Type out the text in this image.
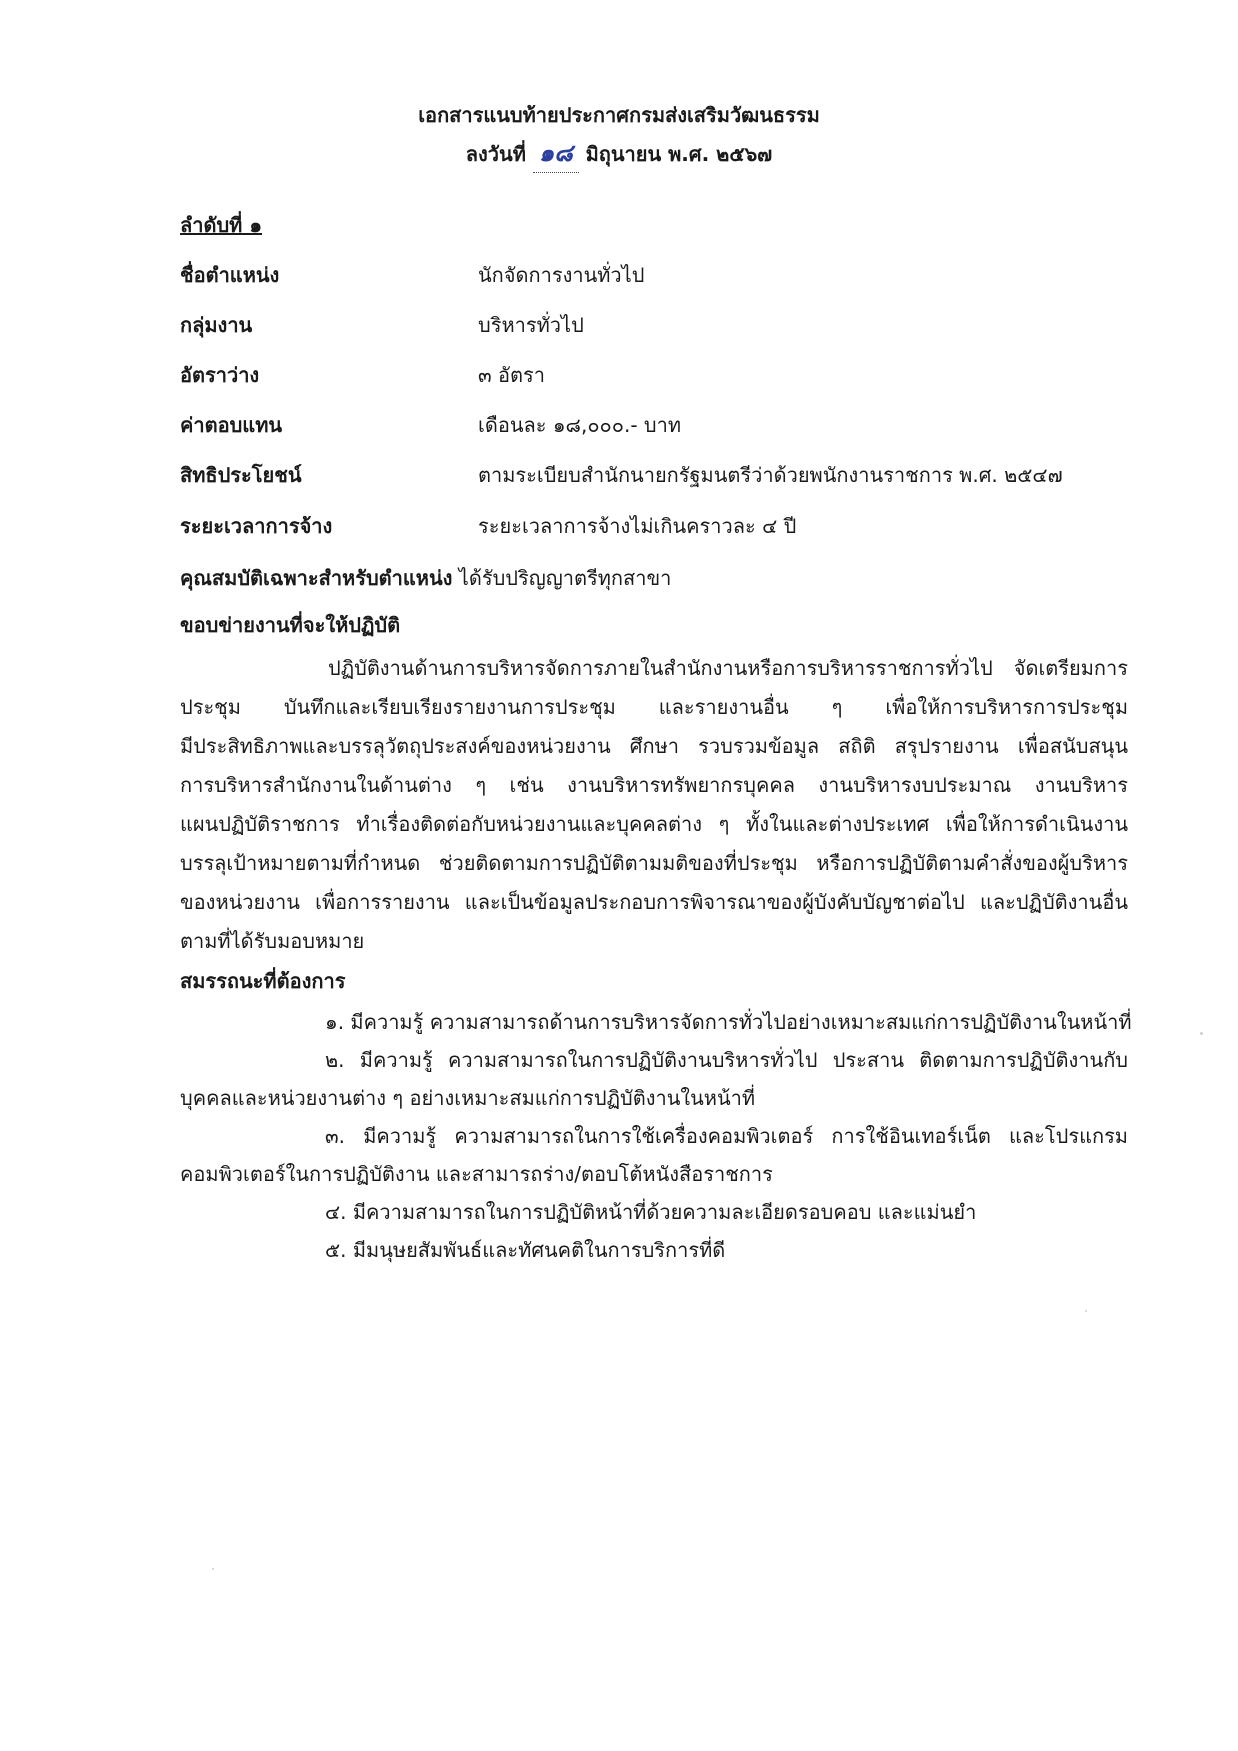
เอกสารแนบท้ายประกาศกรมส่งเสริมวัฒนธรรม
ลงวันที่ ๑๘ มิถุนายน พ.ศ. ๒๕๖๗
ลำดับที่ ๑
ชื่อตำแหน่ง	นักจัดการงานทั่วไป
กลุ่มงาน	บริหารทั่วไป
อัตราว่าง	๓ อัตรา
ค่าตอบแทน	เดือนละ ๑๘,๐๐๐.- บาท
สิทธิประโยชน์	ตามระเบียบสำนักนายกรัฐมนตรีว่าด้วยพนักงานราชการ พ.ศ. ๒๕๔๗
ระยะเวลาการจ้าง	ระยะเวลาการจ้างไม่เกินคราวละ ๔ ปี
คุณสมบัติเฉพาะสำหรับตำแหน่ง ได้รับปริญญาตรีทุกสาขา
ขอบข่ายงานที่จะให้ปฏิบัติ
ปฏิบัติงานด้านการบริหารจัดการภายในสำนักงานหรือการบริหารราชการทั่วไป จัดเตรียมการ
ประชุม บันทึกและเรียบเรียงรายงานการประชุม และรายงานอื่น ๆ เพื่อให้การบริหารการประชุม
มีประสิทธิภาพและบรรลุวัตถุประสงค์ของหน่วยงาน ศึกษา รวบรวมข้อมูล สถิติ สรุปรายงาน เพื่อสนับสนุน
การบริหารสำนักงานในด้านต่าง ๆ เช่น งานบริหารทรัพยากรบุคคล งานบริหารงบประมาณ งานบริหาร
แผนปฏิบัติราชการ ทำเรื่องติดต่อกับหน่วยงานและบุคคลต่าง ๆ ทั้งในและต่างประเทศ เพื่อให้การดำเนินงาน
บรรลุเป้าหมายตามที่กำหนด ช่วยติดตามการปฏิบัติตามมติของที่ประชุม หรือการปฏิบัติตามคำสั่งของผู้บริหาร
ของหน่วยงาน เพื่อการรายงาน และเป็นข้อมูลประกอบการพิจารณาของผู้บังคับบัญชาต่อไป และปฏิบัติงานอื่น
ตามที่ได้รับมอบหมาย
สมรรถนะที่ต้องการ
๑. มีความรู้ ความสามารถด้านการบริหารจัดการทั่วไปอย่างเหมาะสมแก่การปฏิบัติงานในหน้าที่
๒. มีความรู้ ความสามารถในการปฏิบัติงานบริหารทั่วไป ประสาน ติดตามการปฏิบัติงานกับ
บุคคลและหน่วยงานต่าง ๆ อย่างเหมาะสมแก่การปฏิบัติงานในหน้าที่
๓. มีความรู้ ความสามารถในการใช้เครื่องคอมพิวเตอร์ การใช้อินเทอร์เน็ต และโปรแกรม
คอมพิวเตอร์ในการปฏิบัติงาน และสามารถร่าง/ตอบโต้หนังสือราชการ
๔. มีความสามารถในการปฏิบัติหน้าที่ด้วยความละเอียดรอบคอบ และแม่นยำ
๕. มีมนุษยสัมพันธ์และทัศนคติในการบริการที่ดี
